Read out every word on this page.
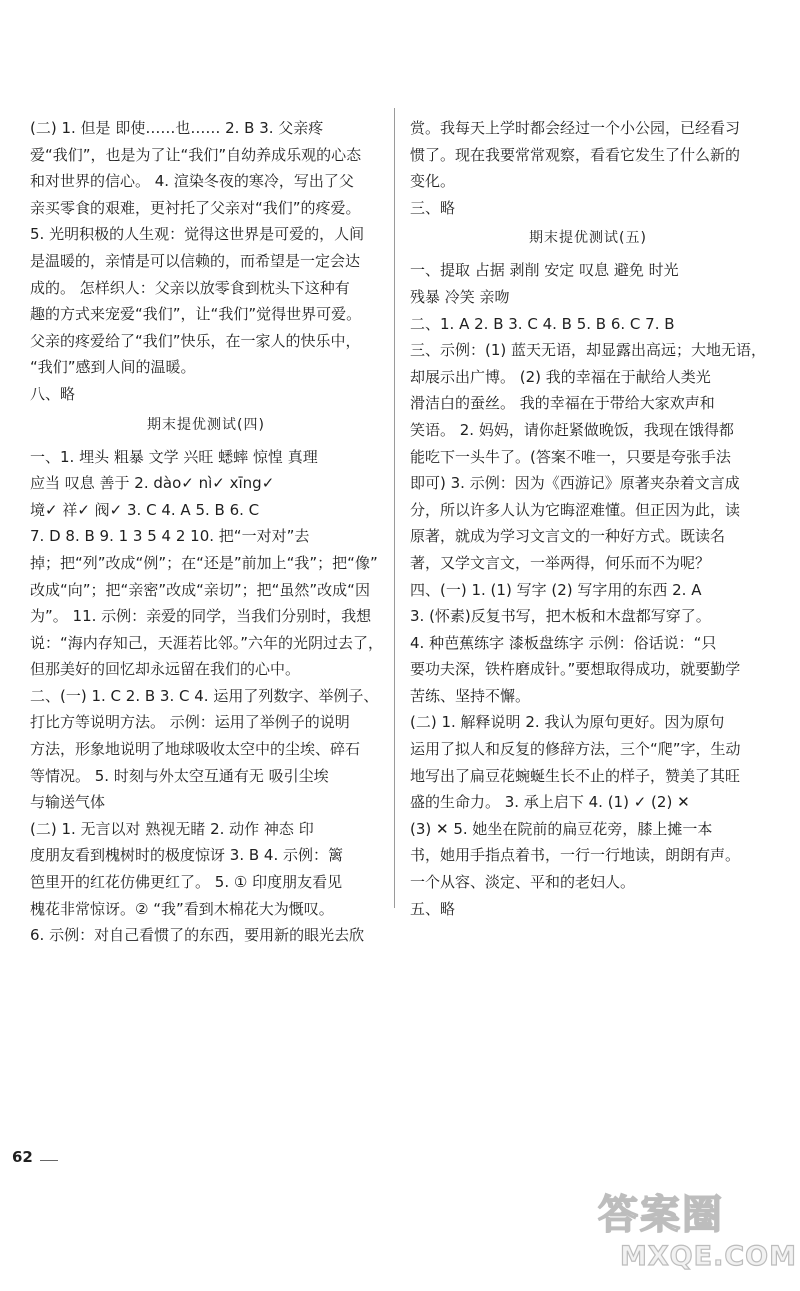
(二) 1. 但是 即使……也…… 2. B 3. 父亲疼
爱“我们”，也是为了让“我们”自幼养成乐观的心态
和对世界的信心。 4. 渲染冬夜的寒冷，写出了父
亲买零食的艰难，更衬托了父亲对“我们”的疼爱。
5. 光明积极的人生观：觉得这世界是可爱的，人间
是温暖的，亲情是可以信赖的，而希望是一定会达
成的。 怎样织人：父亲以放零食到枕头下这种有
趣的方式来宠爱“我们”，让“我们”觉得世界可爱。
父亲的疼爱给了“我们”快乐，在一家人的快乐中，
“我们”感到人间的温暖。
八、略
期末提优测试(四)
一、1. 埋头 粗暴 文学 兴旺 蟋蟀 惊惶 真理
应当 叹息 善于 2. dào✓ nì✓ xīng✓
境✓ 祥✓ 阀✓ 3. C 4. A 5. B 6. C
7. D 8. B 9. 1 3 5 4 2 10. 把“一对对”去
掉；把“列”改成“例”；在“还是”前加上“我”；把“像”
改成“向”；把“亲密”改成“亲切”；把“虽然”改成“因
为”。 11. 示例：亲爱的同学，当我们分别时，我想
说：“海内存知己，天涯若比邻。”六年的光阴过去了，
但那美好的回忆却永远留在我们的心中。
二、(一) 1. C 2. B 3. C 4. 运用了列数字、举例子、
打比方等说明方法。 示例：运用了举例子的说明
方法，形象地说明了地球吸收太空中的尘埃、碎石
等情况。 5. 时刻与外太空互通有无 吸引尘埃
与输送气体
(二) 1. 无言以对 熟视无睹 2. 动作 神态 印
度朋友看到槐树时的极度惊讶 3. B 4. 示例：篱
笆里开的红花仿佛更红了。 5. ① 印度朋友看见
槐花非常惊讶。② “我”看到木棉花大为慨叹。
6. 示例：对自己看惯了的东西，要用新的眼光去欣
赏。我每天上学时都会经过一个小公园，已经看习
惯了。现在我要常常观察，看看它发生了什么新的
变化。
三、略
期末提优测试(五)
一、提取 占据 剥削 安定 叹息 避免 时光
残暴 冷笑 亲吻
二、1. A 2. B 3. C 4. B 5. B 6. C 7. B
三、示例：(1) 蓝天无语，却显露出高远；大地无语，
却展示出广博。 (2) 我的幸福在于献给人类光
滑洁白的蚕丝。 我的幸福在于带给大家欢声和
笑语。 2. 妈妈，请你赶紧做晚饭，我现在饿得都
能吃下一头牛了。(答案不唯一，只要是夸张手法
即可) 3. 示例：因为《西游记》原著夹杂着文言成
分，所以许多人认为它晦涩难懂。但正因为此，读
原著，就成为学习文言文的一种好方式。既读名
著，又学文言文，一举两得，何乐而不为呢？
四、(一) 1. (1) 写字 (2) 写字用的东西 2. A
3. (怀素)反复书写，把木板和木盘都写穿了。
4. 种芭蕉练字 漆板盘练字 示例：俗话说：“只
要功夫深，铁杵磨成针。”要想取得成功，就要勤学
苦练、坚持不懈。
(二) 1. 解释说明 2. 我认为原句更好。因为原句
运用了拟人和反复的修辞方法，三个“爬”字，生动
地写出了扁豆花蜿蜒生长不止的样子，赞美了其旺
盛的生命力。 3. 承上启下 4. (1) ✓ (2) ✕
(3) ✕ 5. 她坐在院前的扁豆花旁，膝上摊一本
书，她用手指点着书，一行一行地读，朗朗有声。
一个从容、淡定、平和的老妇人。
五、略
62
答案圈
MXQE.COM
